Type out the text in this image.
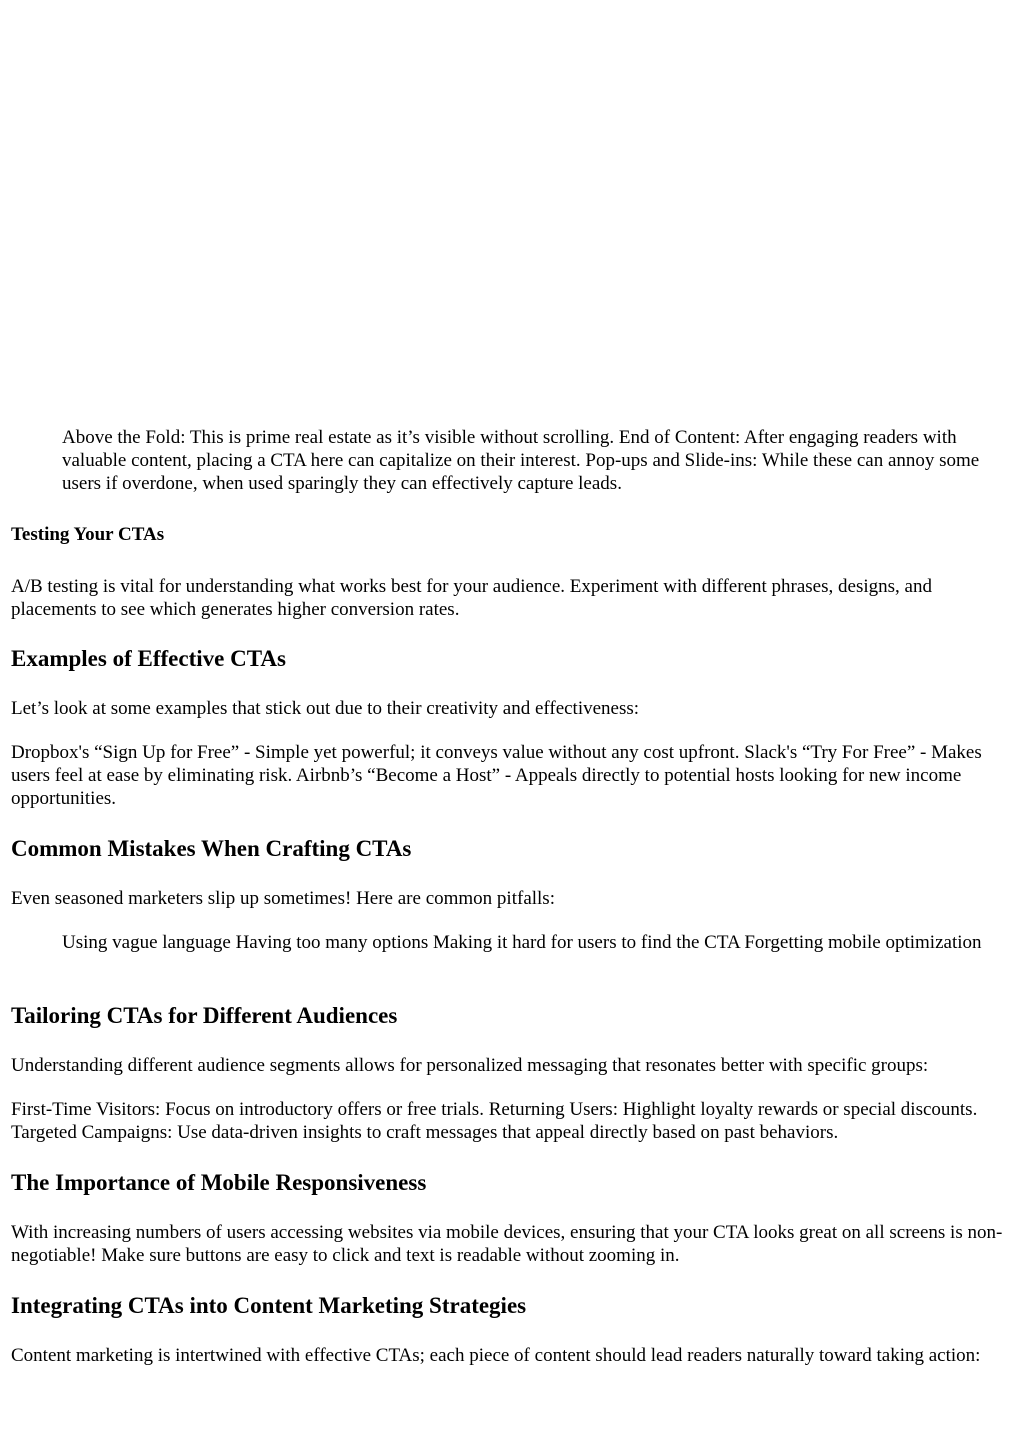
Above the Fold: This is prime real estate as it’s visible without scrolling. End of Content: After engaging readers with valuable content, placing a CTA here can capitalize on their interest. Pop-ups and Slide-ins: While these can annoy some users if overdone, when used sparingly they can effectively capture leads.

Testing Your CTAs

A/B testing is vital for understanding what works best for your audience. Experiment with different phrases, designs, and placements to see which generates higher conversion rates.

Examples of Effective CTAs

Let’s look at some examples that stick out due to their creativity and effectiveness:

Dropbox's “Sign Up for Free” - Simple yet powerful; it conveys value without any cost upfront. Slack's “Try For Free” - Makes users feel at ease by eliminating risk. Airbnb’s “Become a Host” - Appeals directly to potential hosts looking for new income opportunities.

Common Mistakes When Crafting CTAs

Even seasoned marketers slip up sometimes! Here are common pitfalls:

Using vague language Having too many options Making it hard for users to find the CTA Forgetting mobile optimization

Tailoring CTAs for Different Audiences

Understanding different audience segments allows for personalized messaging that resonates better with specific groups:

First-Time Visitors: Focus on introductory offers or free trials. Returning Users: Highlight loyalty rewards or special discounts. Targeted Campaigns: Use data-driven insights to craft messages that appeal directly based on past behaviors.

The Importance of Mobile Responsiveness

With increasing numbers of users accessing websites via mobile devices, ensuring that your CTA looks great on all screens is non-negotiable! Make sure buttons are easy to click and text is readable without zooming in.

Integrating CTAs into Content Marketing Strategies

Content marketing is intertwined with effective CTAs; each piece of content should lead readers naturally toward taking action:
